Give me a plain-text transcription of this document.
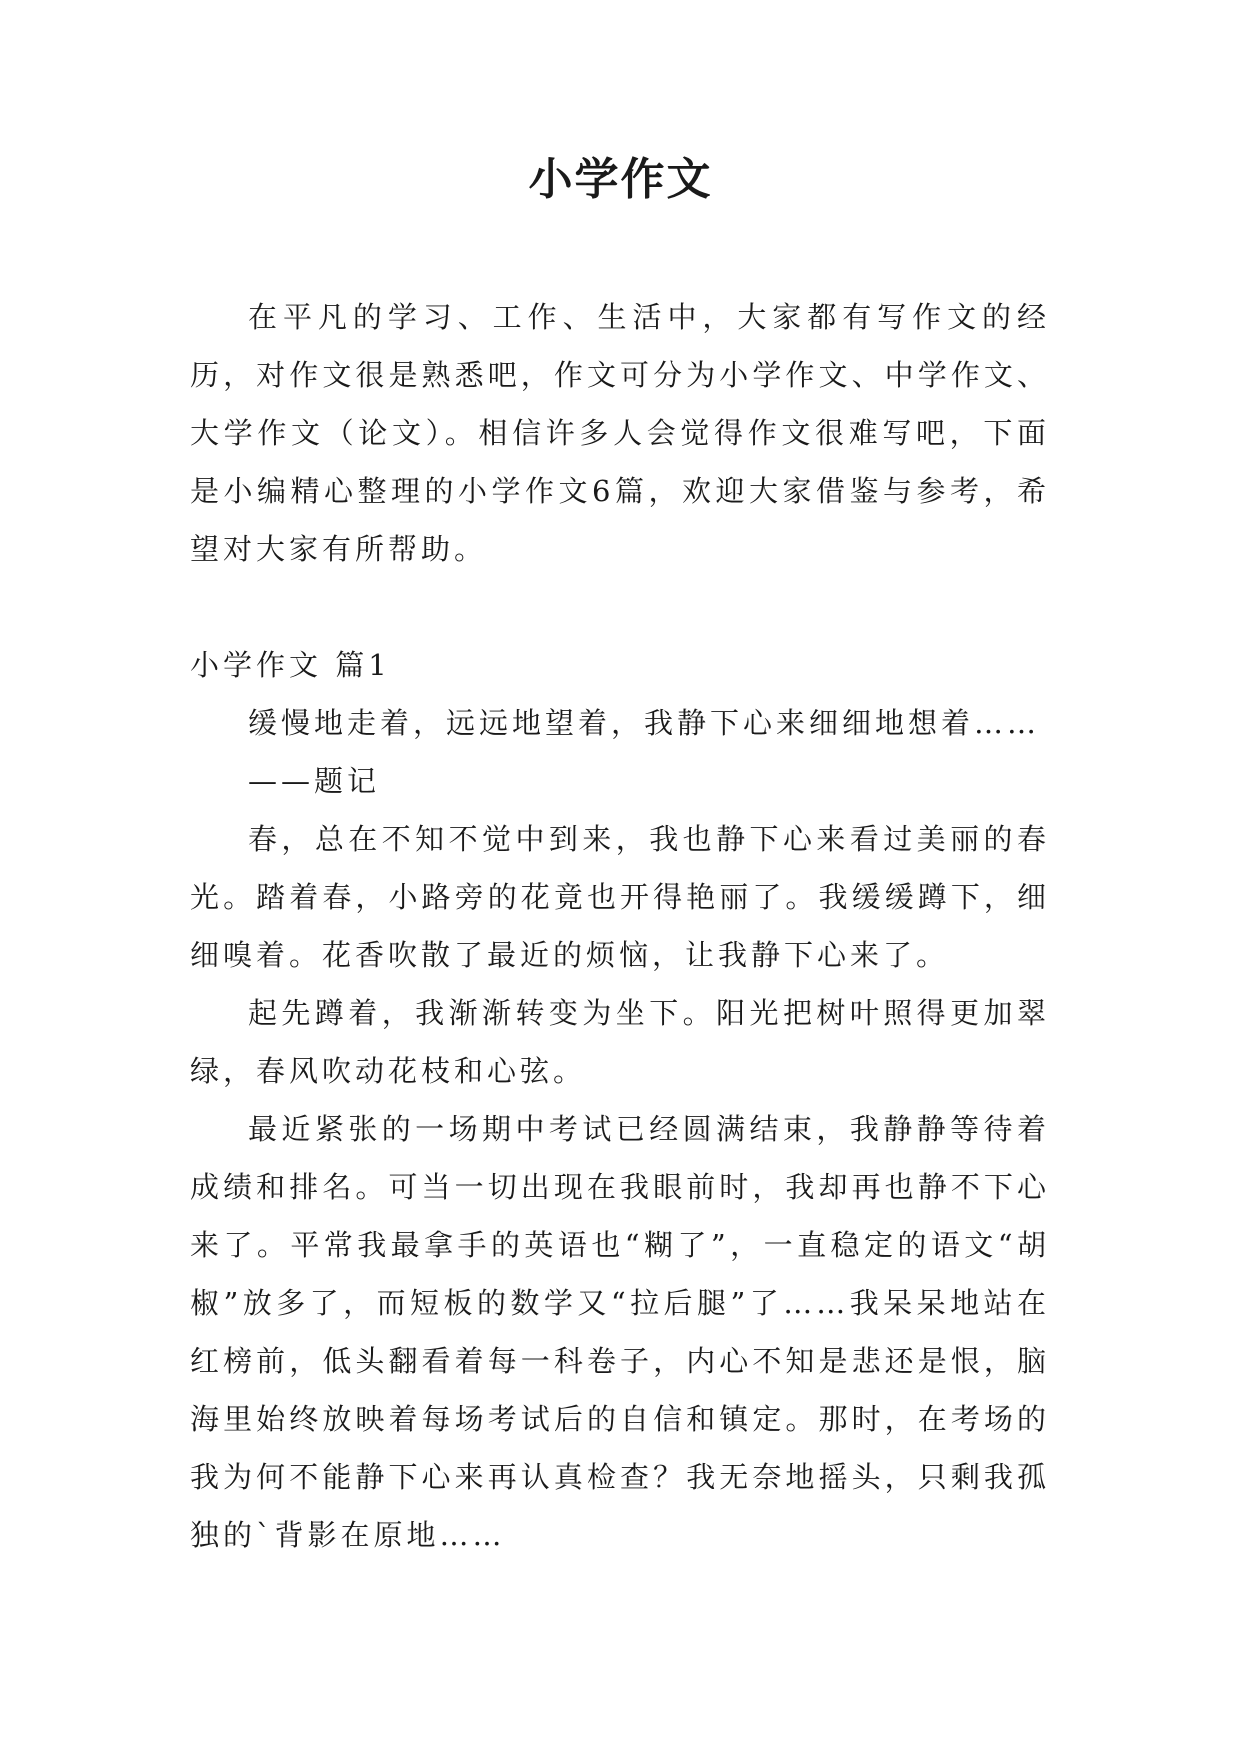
小学作文

在平凡的学习、工作、生活中，大家都有写作文的经历，对作文很是熟悉吧，作文可分为小学作文、中学作文、大学作文（论文）。相信许多人会觉得作文很难写吧，下面是小编精心整理的小学作文6篇，欢迎大家借鉴与参考，希望对大家有所帮助。

小学作文 篇1

缓慢地走着，远远地望着，我静下心来细细地想着……

——题记

春，总在不知不觉中到来，我也静下心来看过美丽的春光。踏着春，小路旁的花竟也开得艳丽了。我缓缓蹲下，细细嗅着。花香吹散了最近的烦恼，让我静下心来了。

起先蹲着，我渐渐转变为坐下。阳光把树叶照得更加翠绿，春风吹动花枝和心弦。

最近紧张的一场期中考试已经圆满结束，我静静等待着成绩和排名。可当一切出现在我眼前时，我却再也静不下心来了。平常我最拿手的英语也“糊了”，一直稳定的语文“胡椒”放多了，而短板的数学又“拉后腿”了……我呆呆地站在红榜前，低头翻看着每一科卷子，内心不知是悲还是恨，脑海里始终放映着每场考试后的自信和镇定。那时，在考场的我为何不能静下心来再认真检查？我无奈地摇头，只剩我孤独的`背影在原地……
